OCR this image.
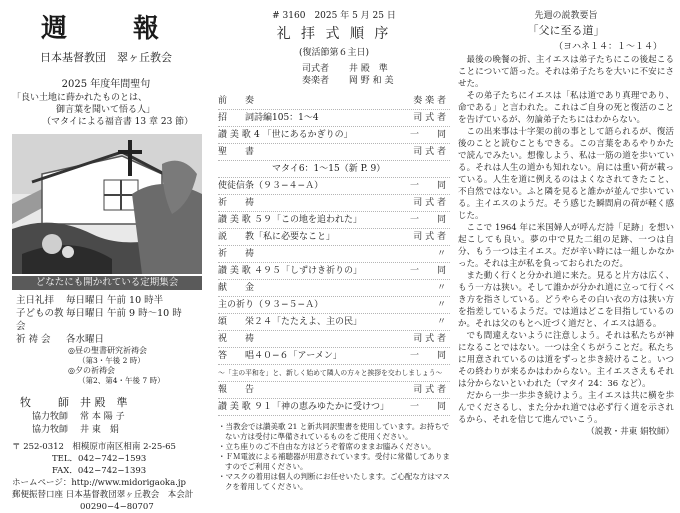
週　報
日本基督教団　翠ヶ丘教会
2025 年度年間聖句
「良い土地に蒔かれたものとは、
御言葉を聞いて悟る人」
（マタイによる福音書 13 章 23 節）
どなたにも開かれている定期集会
主日礼拝	毎日曜日 午前 10 時半
子どもの教会
毎日曜日 午前 9 時〜10 時
祈 祷 会	各水曜日
◎昼の聖書研究祈祷会
（第3・午後 2 時）
◎夕の祈祷会
（第2、第4・午後 7 時）
牧　師 井 殿　準
協力牧師	常 本 陽 子
協力牧師	井 東　娟
〒 252-0312　相模原市南区相南 2-25-65
TEL．042−742−1593
FAX．042−742−1393
ホームページ：http://www.midorigaoka.jp
郵便振替口座 日本基督教団翠ヶ丘教会　本会計
00290−4−80707
# 3160　2025 年 5 月 25 日
礼 拝 式 順 序
(復活節第６主日)
司式者 井 殿　準
奏楽者 岡 野 和 美
前　　奏	奏 楽 者
招　　詞 詩編105：1〜4	司 式 者
讃 美 歌 4 「世にあるかぎりの」	一　　同
聖　　書	司 式 者
マタイ6：1〜15（新 P. 9）
使徒信条 （９３−４−Ａ）	一　　同
祈　　祷	司 式 者
讃 美 歌 ５９「この地を追われた」	一　　同
説　　教 「私に必要なこと」	司 式 者
祈　　祷	〃
讃 美 歌 ４９５「しずけき祈りの」	一　　同
献　　金	〃
主の祈り （９３−５−Ａ）	〃
頌　　栄 ２４「たたえよ、主の民」	〃
祝　　祷	司 式 者
答　　唱 ４０−６「アーメン」	一　　同
〜「主の平和を」と、新しく始めて隣人の方々と挨拶を交わしましょう〜
報　　告	司 式 者
讃 美 歌 ９１「神の恵みゆたかに受けつ」	一　　同
・当教会では讃美歌 21 と新共同訳聖書を使用しています。お持ちでない方は受付に準備されているものをご使用ください。
・立ち座りのご不自由な方はどうぞ着席のままお臨みください。
・ＦＭ電波による補聴器が用意されています。受付に常備してありますのでご利用ください。
・マスクの着用は個人の判断にお任せいたします。ご心配な方はマスクを着用してください。
先週の説教要旨
「父に至る道」
（ヨハネ１４：１〜１４）

最後の晩餐の折、主イエスは弟子たちにこの後起こることについて語った。それは弟子たちを大いに不安にさせた。

その弟子たちにイエスは「私は道であり真理であり、命である」と言われた。これはご自身の死と復活のことを告げているが、勿論弟子たちにはわからない。

この出来事は十字架の前の事として語られるが、復活後のことと読むこともできる。この言葉をあるやりかたで読んでみたい。想像しよう、私は一筋の道を歩いている。それは人生の道かも知れない。肩には重い荷が載っている。人生を道に例えるのはよくなされてきたこと、不自然ではない。ふと隣を見ると誰かが並んで歩いている。主イエスのようだ。そう感じた瞬間肩の荷が軽く感じた。

ここで 1964 年に米国婦人が呼んだ詩「足跡」を想い起こしても良い。夢の中で見た二組の足跡、一つは自分、もう一つは主イエス。だが辛い時には一組しかなかった。それは主が私を負っておられたのだ。

また動く行くと分かれ道に来た。見ると片方は広く、もう一方は狭い。そして誰かが分かれ道に立って行くべき方を指さしている。どうやらその白い衣の方は狭い方を指差しているようだ。では道はどこを目指しているのか。それは父のもとへ近づく道だと、イエスは語る。

でも間違えないように注意しよう。それは私たちが神になることではない。一つは全くちがうことだ。私たちに用意されているのは道をずっと歩き続けること。いつその終わりが来るかはわからない。主イエスさえもそれは分からないといわれた（マタイ 24：36 など）。

だから一歩一歩歩き続けよう。主イエスは共に横を歩んでくださるし、また分かれ道では必ず行く道を示されるから、それを信じて進んでいこう。

（説教・井東 娟牧師）
